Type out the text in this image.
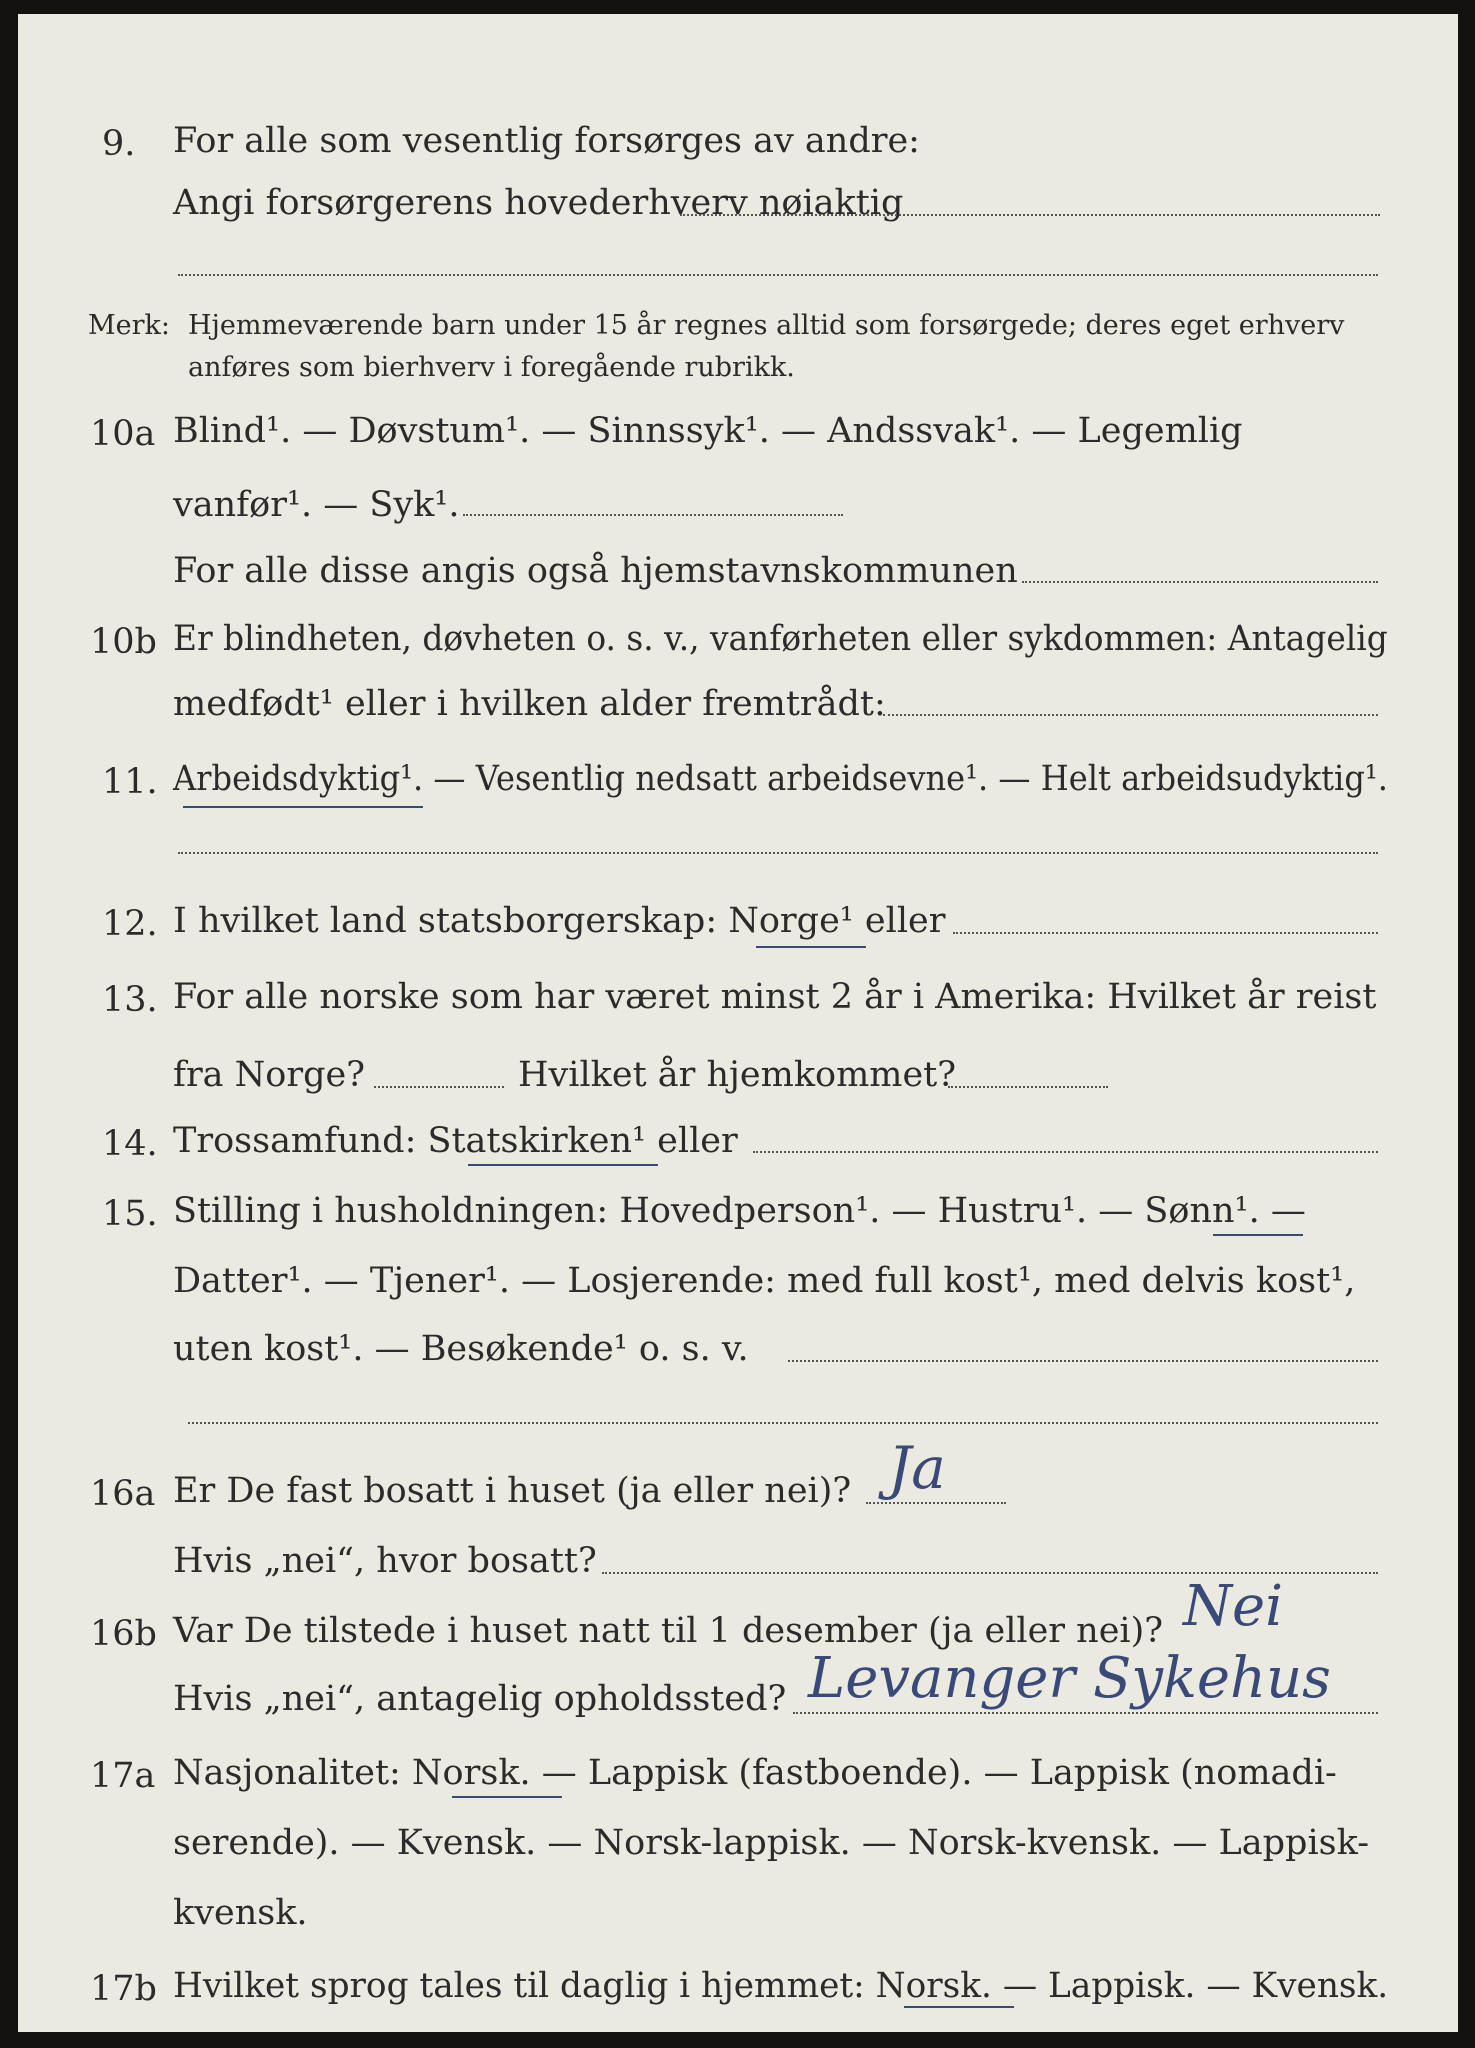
9. For alle som vesentlig forsørges av andre:
Angi forsørgerens hovederhverv nøiaktig
Merk: Hjemmeværende barn under 15 år regnes alltid som forsørgede; deres eget erhverv
anføres som bierhverv i foregående rubrikk.
10a Blind¹. — Døvstum¹. — Sinnssyk¹. — Andssvak¹. — Legemlig
vanfør¹. — Syk¹.
For alle disse angis også hjemstavnskommunen
10b Er blindheten, døvheten o. s. v., vanførheten eller sykdommen: Antagelig
medfødt¹ eller i hvilken alder fremtrådt:
11. Arbeidsdyktig¹. — Vesentlig nedsatt arbeidsevne¹. — Helt arbeidsudyktig¹.
12. I hvilket land statsborgerskap: Norge¹ eller
13. For alle norske som har været minst 2 år i Amerika: Hvilket år reist
fra Norge?	Hvilket år hjemkommet?
14. Trossamfund: Statskirken¹ eller
15. Stilling i husholdningen: Hovedperson¹. — Hustru¹. — Sønn¹. —
Datter¹. — Tjener¹. — Losjerende: med full kost¹, med delvis kost¹,
uten kost¹. — Besøkende¹ o. s. v.
16a Er De fast bosatt i huset (ja eller nei)? Ja
Hvis „nei“, hvor bosatt?
16b Var De tilstede i huset natt til 1 desember (ja eller nei)? Nei
Hvis „nei“, antagelig opholdssted? Levanger Sykehus
17a Nasjonalitet: Norsk. — Lappisk (fastboende). — Lappisk (nomadi-
serende). — Kvensk. — Norsk-lappisk. — Norsk-kvensk. — Lappisk-
kvensk.
17b Hvilket sprog tales til daglig i hjemmet: Norsk. — Lappisk. — Kvensk.
